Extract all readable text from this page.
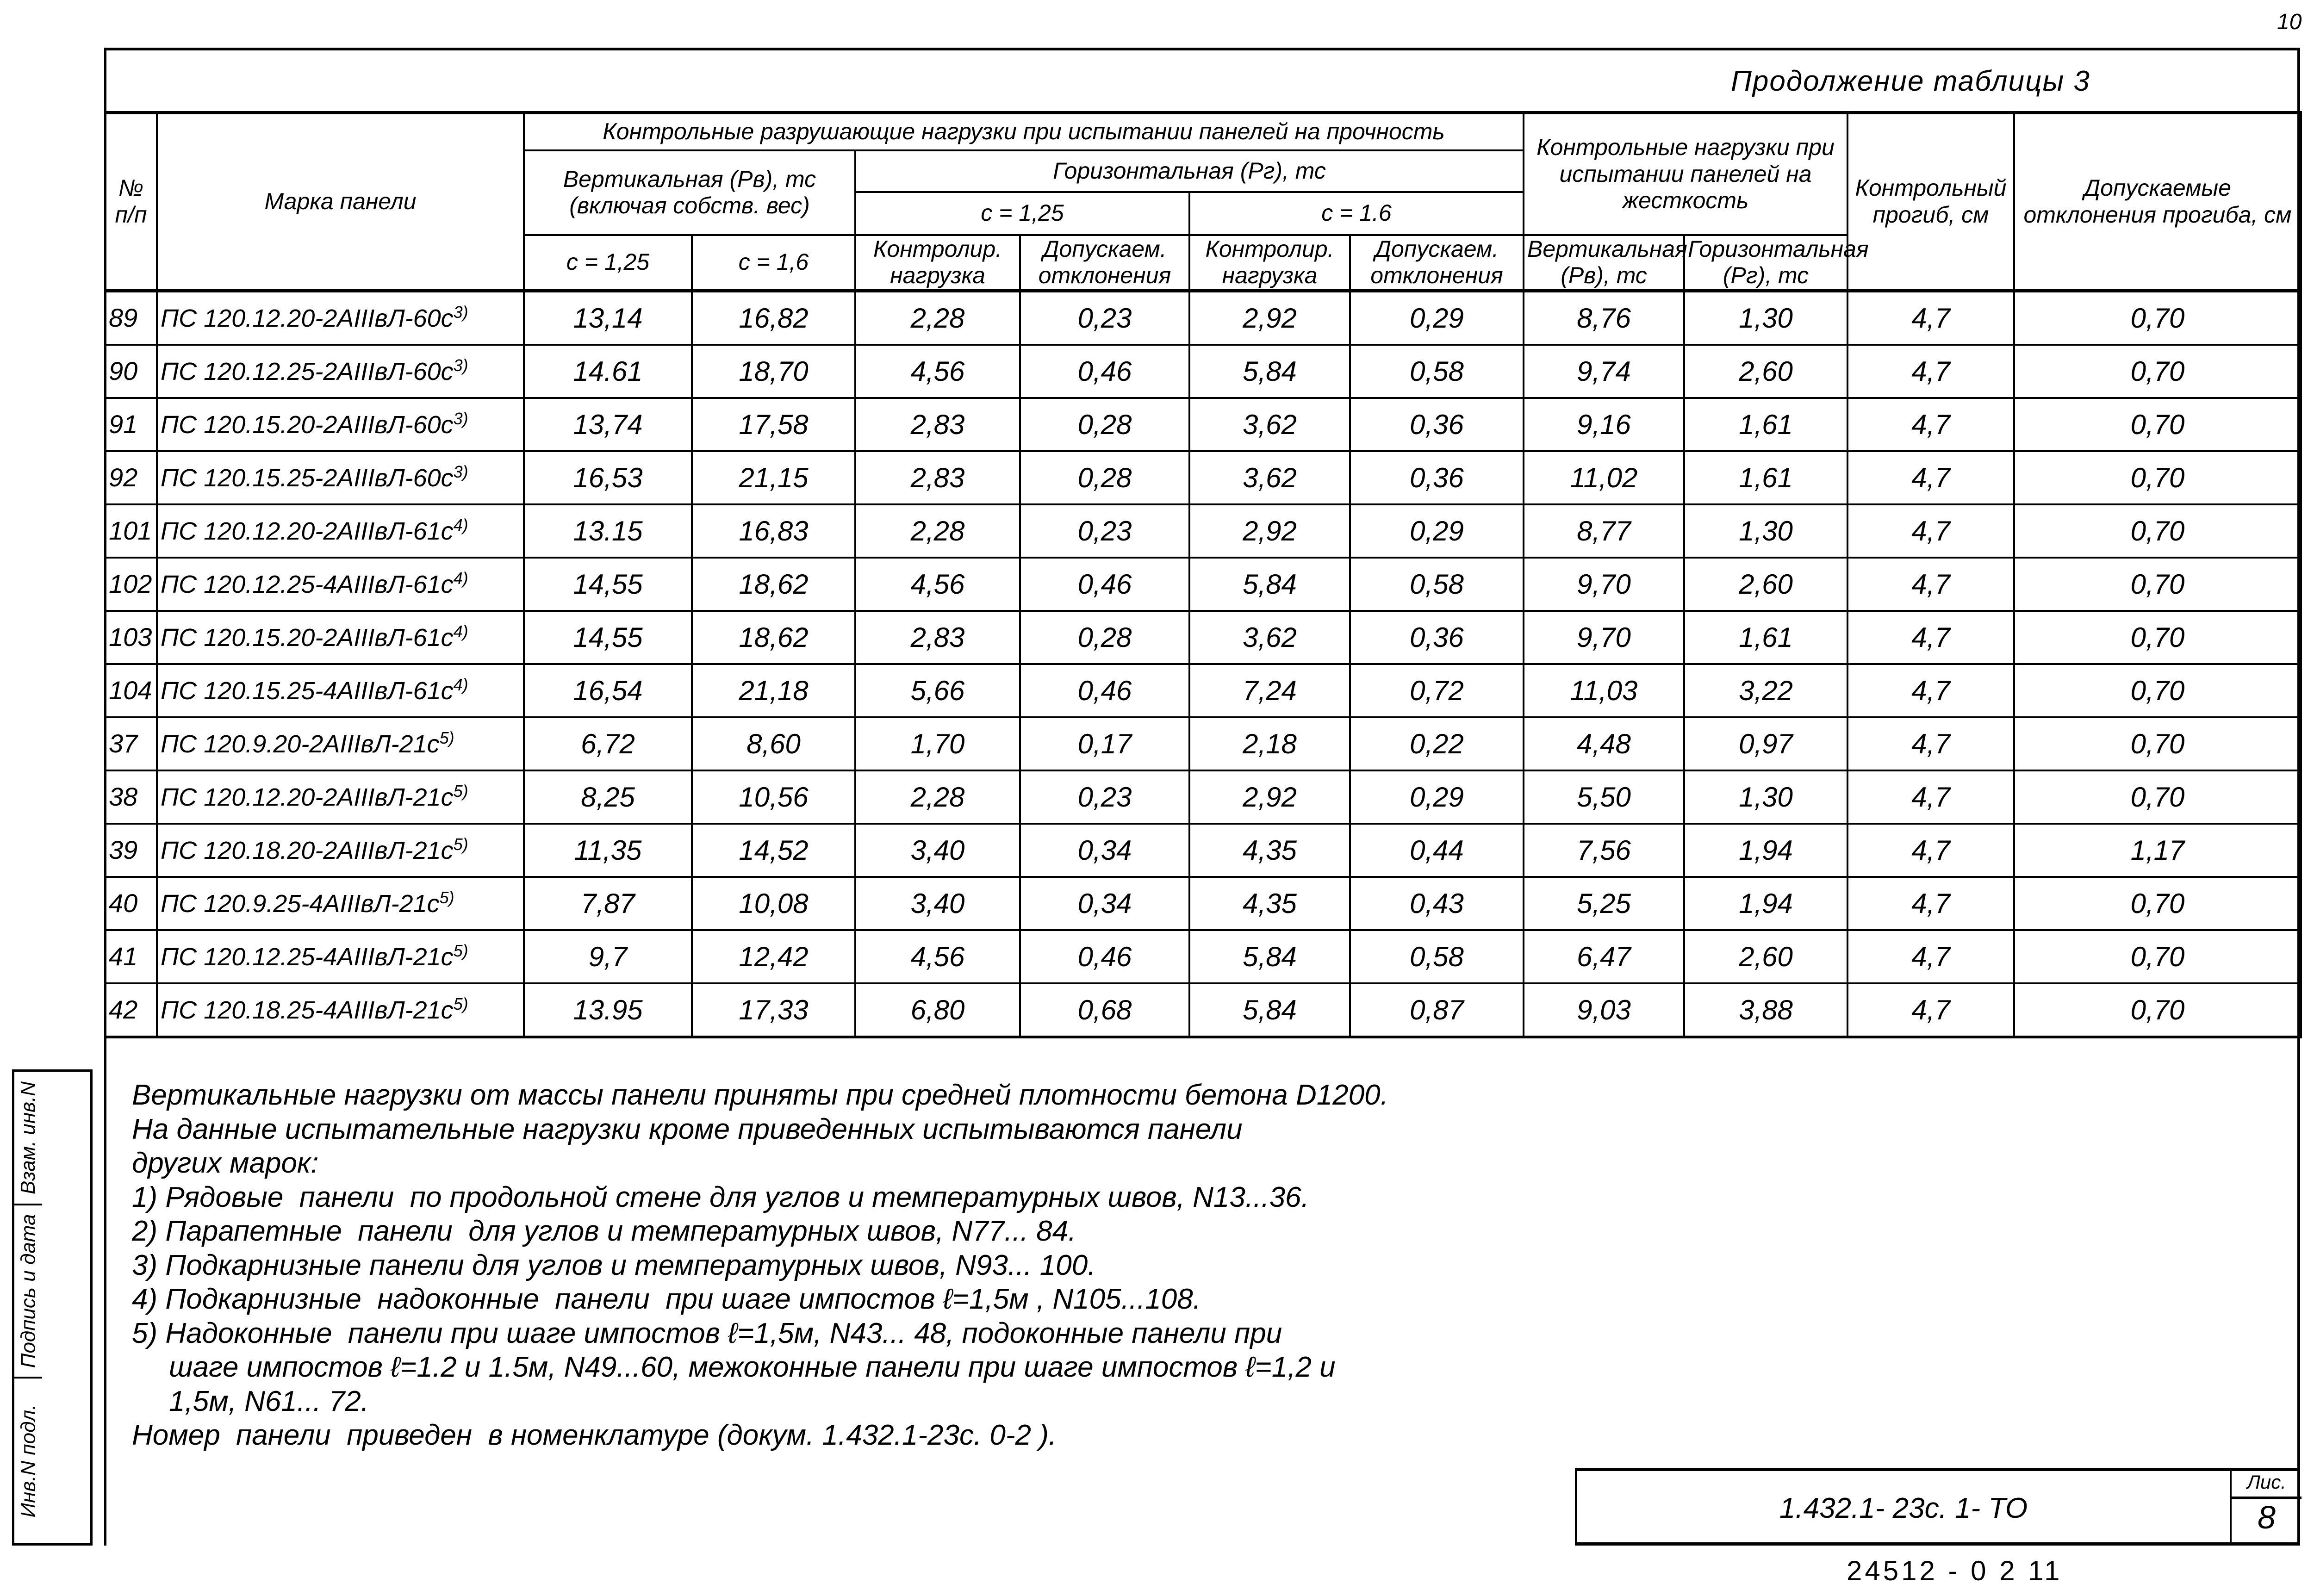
10
Продолжение таблицы 3
№ п/п	Марка панели	Контрольные разрушающие нагрузки при испытании панелей на прочность						Контрольные нагрузки при испытании панелей на жесткость		Контрольный прогиб, см	Допускаемые отклонения прогиба, см
		Вертикальная (Рв), тс (включая собств. вес)		Горизонтальная (Рг), тс							
				с = 1,25		с = 1.6					
		с = 1,25	с = 1,6	Контролир. нагрузка	Допускаем. отклонения	Контролир. нагрузка	Допускаем. отклонения	Вертикальная (Рв), тс	Горизонтальная (Рг), тс		
89	ПС $120.12.20-2АIIIвЛ-60с^{3)}$	13,14	16,82	2,28	0,23	2,92	0,29	8,76	1,30	4,7	0,70
90	ПС $120.12.25-2АIIIвЛ-60с^{3)}$	14.61	18,70	4,56	0,46	5,84	0,58	9,74	2,60	4,7	0,70
91	ПС $120.15.20-2АIIIвЛ-60с^{3)}$	13,74	17,58	2,83	0,28	3,62	0,36	9,16	1,61	4,7	0,70
92	ПС $120.15.25-2АIIIвЛ-60с^{3)}$	16,53	21,15	2,83	0,28	3,62	0,36	11,02	1,61	4,7	0,70
101	ПС $120.12.20-2АIIIвЛ-61с^{4)}$	13.15	16,83	2,28	0,23	2,92	0,29	8,77	1,30	4,7	0,70
102	ПС $120.12.25-4АIIIвЛ-61с^{4)}$	14,55	18,62	4,56	0,46	5,84	0,58	9,70	2,60	4,7	0,70
103	ПС $120.15.20-2АIIIвЛ-61с^{4)}$	14,55	18,62	2,83	0,28	3,62	0,36	9,70	1,61	4,7	0,70
104	ПС $120.15.25-4АIIIвЛ-61с^{4)}$	16,54	21,18	5,66	0,46	7,24	0,72	11,03	3,22	4,7	0,70
37	ПС $120.9.20-2АIIIвЛ-21с^{5)}$	6,72	8,60	1,70	0,17	2,18	0,22	4,48	0,97	4,7	0,70
38	ПС $120.12.20-2АIIIвЛ-21с^{5)}$	8,25	10,56	2,28	0,23	2,92	0,29	5,50	1,30	4,7	0,70
39	ПС $120.18.20-2АIIIвЛ-21с^{5)}$	11,35	14,52	3,40	0,34	4,35	0,44	7,56	1,94	4,7	1,17
40	ПС $120.9.25-4АIIIвЛ-21с^{5)}$	7,87	10,08	3,40	0,34	4,35	0,43	5,25	1,94	4,7	0,70
41	ПС $120.12.25-4АIIIвЛ-21с^{5)}$	9,7	12,42	4,56	0,46	5,84	0,58	6,47	2,60	4,7	0,70
42	ПС $120.18.25-4АIIIвЛ-21с^{5)}$	13.95	17,33	6,80	0,68	5,84	0,87	9,03	3,88	4,7	0,70
Вертикальные нагрузки от массы панели приняты при средней плотности бетона D1200.
На данные испытательные нагрузки кроме приведенных испытываются панели
других марок:
1) Рядовые  панели  по продольной стене для углов и температурных швов, N13...36.
2) Парапетные  панели  для углов и температурных швов, N77... 84.
3) Подкарнизные панели для углов и температурных швов, N93... 100.
4) Подкарнизные  надоконные  панели  при шаге импостов ℓ=1,5м , N105...108.
5) Надоконные  панели при шаге импостов ℓ=1,5м, N43... 48, подоконные панели при
шаге импостов ℓ=1.2 и 1.5м, N49...60, межоконные панели при шаге импостов ℓ=1,2 и
1,5м, N61... 72.
Номер  панели  приведен  в номенклатуре (докум. 1.432.1-23с. 0-2 ).
Взам. инв.N
Подпись и дата
Инв.N подл.	1.432.1- 23с. 1- ТО
Лис.
8
24512 - 0 2 11
